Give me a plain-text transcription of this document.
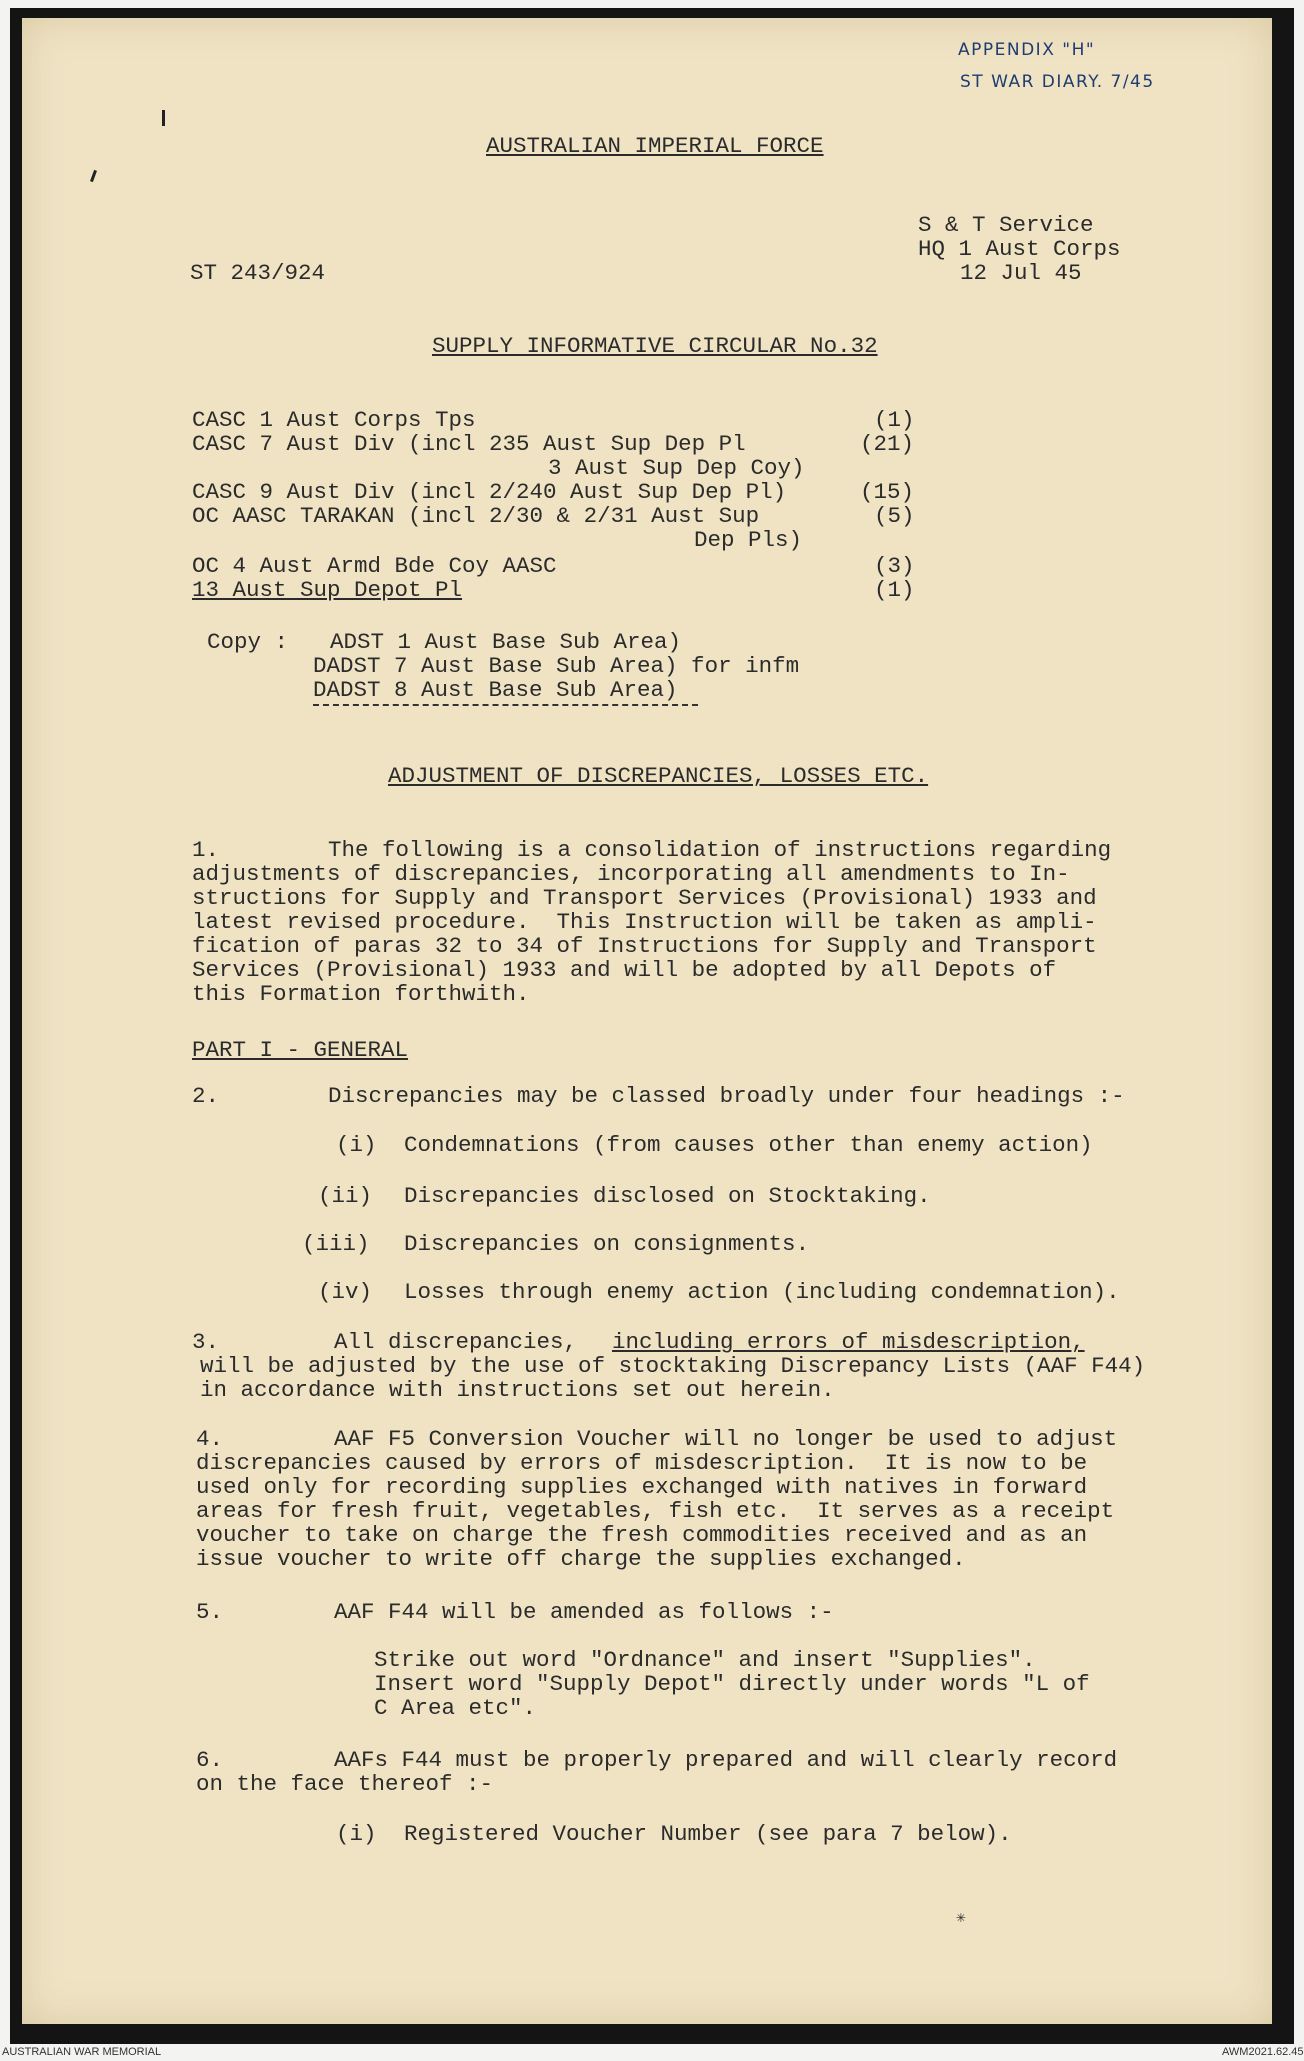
APPENDIX "H"
ST WAR DIARY. 7/45
AUSTRALIAN IMPERIAL FORCE
S & T Service
HQ 1 Aust Corps
ST 243/924	12 Jul 45
SUPPLY INFORMATIVE CIRCULAR No.32
CASC 1 Aust Corps Tps	(1)
CASC 7 Aust Div (incl 235 Aust Sup Dep Pl	(21)
3 Aust Sup Dep Coy)
CASC 9 Aust Div (incl 2/240 Aust Sup Dep Pl)	(15)
OC AASC TARAKAN (incl 2/30 & 2/31 Aust Sup	(5)
Dep Pls)
OC 4 Aust Armd Bde Coy AASC	(3)
13 Aust Sup Depot Pl	(1)
Copy : ADST 1 Aust Base Sub Area)
DADST 7 Aust Base Sub Area) for infm
DADST 8 Aust Base Sub Area)
ADJUSTMENT OF DISCREPANCIES, LOSSES ETC.
1.	The following is a consolidation of instructions regarding
adjustments of discrepancies, incorporating all amendments to In-
structions for Supply and Transport Services (Provisional) 1933 and
latest revised procedure.  This Instruction will be taken as ampli-
fication of paras 32 to 34 of Instructions for Supply and Transport
Services (Provisional) 1933 and will be adopted by all Depots of
this Formation forthwith.
PART I - GENERAL
2.	Discrepancies may be classed broadly under four headings :-
(i) Condemnations (from causes other than enemy action)
(ii) Discrepancies disclosed on Stocktaking.
(iii) Discrepancies on consignments.
(iv) Losses through enemy action (including condemnation).
3.	All discrepancies, including errors of misdescription,
will be adjusted by the use of stocktaking Discrepancy Lists (AAF F44)
in accordance with instructions set out herein.
4.	AAF F5 Conversion Voucher will no longer be used to adjust
discrepancies caused by errors of misdescription.  It is now to be
used only for recording supplies exchanged with natives in forward
areas for fresh fruit, vegetables, fish etc.  It serves as a receipt
voucher to take on charge the fresh commodities received and as an
issue voucher to write off charge the supplies exchanged.
5.	AAF F44 will be amended as follows :-
Strike out word "Ordnance" and insert "Supplies".
Insert word "Supply Depot" directly under words "L of
C Area etc".
6.	AAFs F44 must be properly prepared and will clearly record
on the face thereof :-
(i) Registered Voucher Number (see para 7 below).
✳
AUSTRALIAN WAR MEMORIAL	AWM2021.62.45
